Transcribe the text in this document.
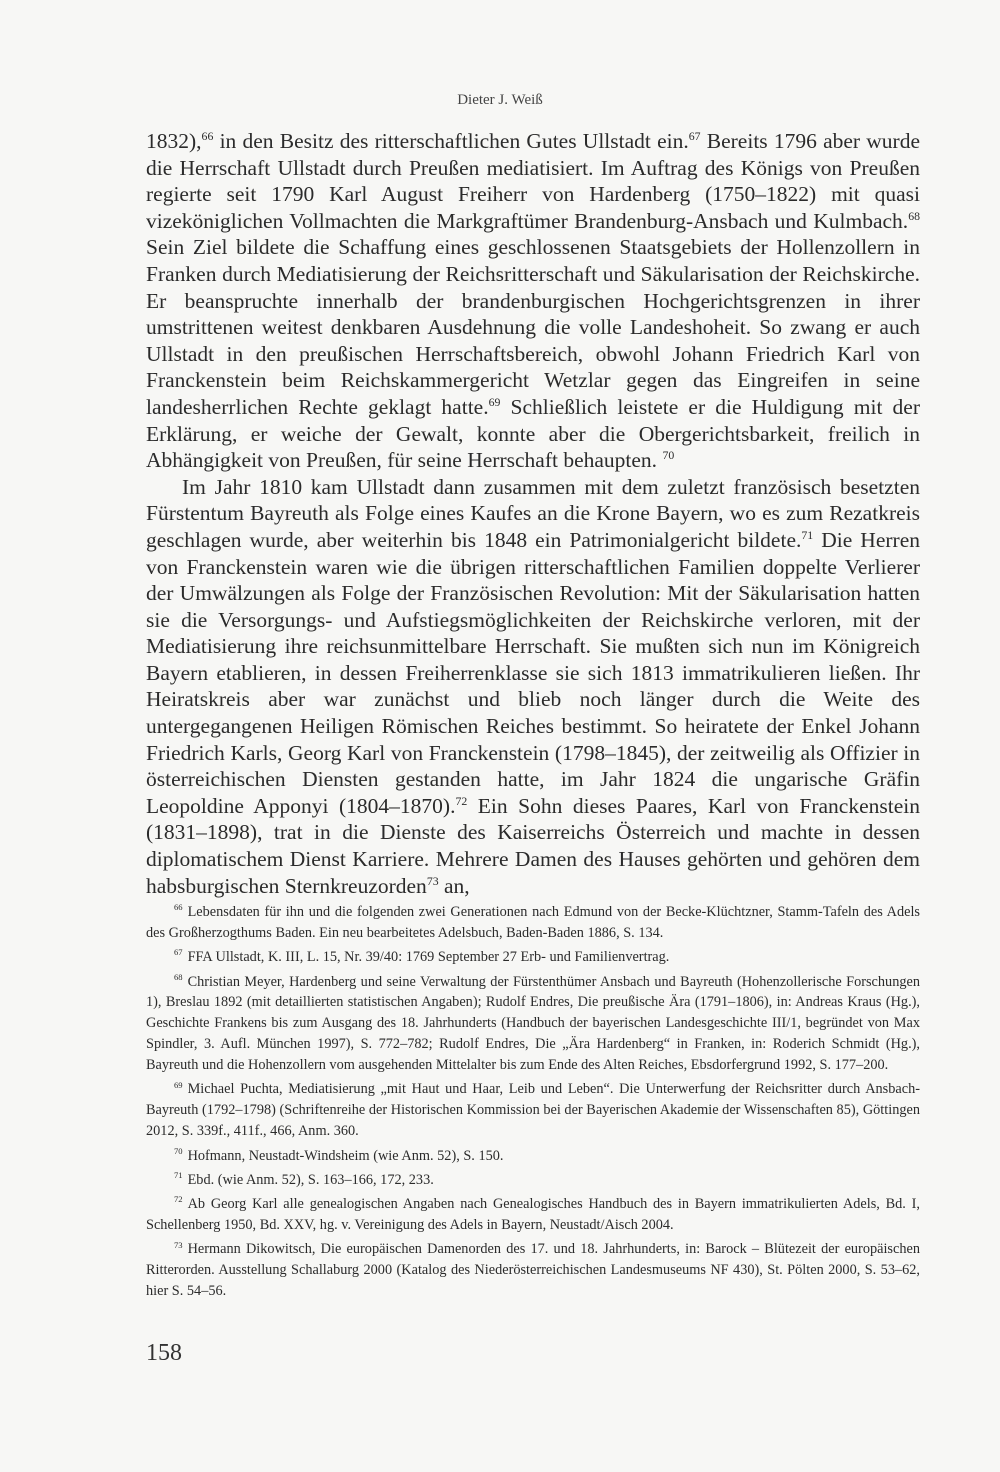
Dieter J. Weiß

1832),$^{66}$ in den Besitz des ritterschaftlichen Gutes Ullstadt ein.$^{67}$ Bereits 1796 aber wurde die Herrschaft Ullstadt durch Preußen mediatisiert. Im Auftrag des Königs von Preußen regierte seit 1790 Karl August Freiherr von Hardenberg (1750–1822) mit quasi vizeköniglichen Vollmachten die Markgraftümer Brandenburg-Ansbach und Kulmbach.$^{68}$ Sein Ziel bildete die Schaffung eines geschlossenen Staatsgebiets der Hollenzollern in Franken durch Mediatisierung der Reichsritterschaft und Säkularisation der Reichskirche. Er beanspruchte innerhalb der brandenburgischen Hochgerichtsgrenzen in ihrer umstrittenen weitest denkbaren Ausdehnung die volle Landeshoheit. So zwang er auch Ullstadt in den preußischen Herrschaftsbereich, obwohl Johann Friedrich Karl von Franckenstein beim Reichskammergericht Wetzlar gegen das Eingreifen in seine landesherrlichen Rechte geklagt hatte.$^{69}$ Schließlich leistete er die Huldigung mit der Erklärung, er weiche der Gewalt, konnte aber die Obergerichtsbarkeit, freilich in Abhängigkeit von Preußen, für seine Herrschaft behaupten. $^{70}$

Im Jahr 1810 kam Ullstadt dann zusammen mit dem zuletzt französisch besetzten Fürstentum Bayreuth als Folge eines Kaufes an die Krone Bayern, wo es zum Rezatkreis geschlagen wurde, aber weiterhin bis 1848 ein Patrimonialgericht bildete.$^{71}$ Die Herren von Franckenstein waren wie die übrigen ritterschaftlichen Familien doppelte Verlierer der Umwälzungen als Folge der Französischen Revolution: Mit der Säkularisation hatten sie die Versorgungs- und Aufstiegsmöglichkeiten der Reichskirche verloren, mit der Mediatisierung ihre reichsunmittelbare Herrschaft. Sie mußten sich nun im Königreich Bayern etablieren, in dessen Freiherrenklasse sie sich 1813 immatrikulieren ließen. Ihr Heiratskreis aber war zunächst und blieb noch länger durch die Weite des untergegangenen Heiligen Römischen Reiches bestimmt. So heiratete der Enkel Johann Friedrich Karls, Georg Karl von Franckenstein (1798–1845), der zeitweilig als Offizier in österreichischen Diensten gestanden hatte, im Jahr 1824 die ungarische Gräfin Leopoldine Apponyi (1804–1870).$^{72}$ Ein Sohn dieses Paares, Karl von Franckenstein (1831–1898), trat in die Dienste des Kaiserreichs Österreich und machte in dessen diplomatischem Dienst Karriere. Mehrere Damen des Hauses gehörten und gehören dem habsburgischen Sternkreuzorden$^{73}$ an,

$^{66}$ Lebensdaten für ihn und die folgenden zwei Generationen nach Edmund von der Becke-Klüchtzner, Stamm-Tafeln des Adels des Großherzogthums Baden. Ein neu bearbeitetes Adelsbuch, Baden-Baden 1886, S. 134.

$^{67}$ FFA Ullstadt, K. III, L. 15, Nr. 39/40: 1769 September 27 Erb- und Familienvertrag.

$^{68}$ Christian Meyer, Hardenberg und seine Verwaltung der Fürstenthümer Ansbach und Bayreuth (Hohenzollerische Forschungen 1), Breslau 1892 (mit detaillierten statistischen Angaben); Rudolf Endres, Die preußische Ära (1791–1806), in: Andreas Kraus (Hg.), Geschichte Frankens bis zum Ausgang des 18. Jahrhunderts (Handbuch der bayerischen Landesgeschichte III/1, begründet von Max Spindler, 3. Aufl. München 1997), S. 772–782; Rudolf Endres, Die „Ära Hardenberg“ in Franken, in: Roderich Schmidt (Hg.), Bayreuth und die Hohenzollern vom ausgehenden Mittelalter bis zum Ende des Alten Reiches, Ebsdorfergrund 1992, S. 177–200.

$^{69}$ Michael Puchta, Mediatisierung „mit Haut und Haar, Leib und Leben“. Die Unterwerfung der Reichsritter durch Ansbach-Bayreuth (1792–1798) (Schriftenreihe der Historischen Kommission bei der Bayerischen Akademie der Wissenschaften 85), Göttingen 2012, S. 339f., 411f., 466, Anm. 360.

$^{70}$ Hofmann, Neustadt-Windsheim (wie Anm. 52), S. 150.

$^{71}$ Ebd. (wie Anm. 52), S. 163–166, 172, 233.

$^{72}$ Ab Georg Karl alle genealogischen Angaben nach Genealogisches Handbuch des in Bayern immatrikulierten Adels, Bd. I, Schellenberg 1950, Bd. XXV, hg. v. Vereinigung des Adels in Bayern, Neustadt/Aisch 2004.

$^{73}$ Hermann Dikowitsch, Die europäischen Damenorden des 17. und 18. Jahrhunderts, in: Barock – Blütezeit der europäischen Ritterorden. Ausstellung Schallaburg 2000 (Katalog des Niederösterreichischen Landesmuseums NF 430), St. Pölten 2000, S. 53–62, hier S. 54–56.

158
